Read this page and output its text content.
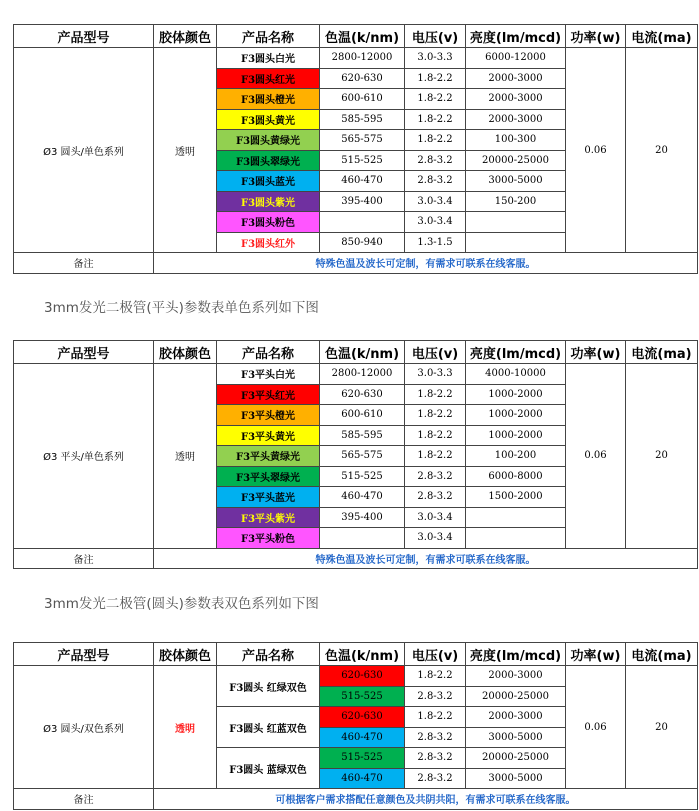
产品型号	胶体颜色	产品名称	色温(k/nm)	电压(v)	亮度(lm/mcd)	功率(w)	电流(ma)
Ø3 圆头/单色系列	透明	F3圆头白光	2800-12000	3.0-3.3	6000-12000	0.06	20
		F3圆头红光	620-630	1.8-2.2	2000-3000		
		F3圆头橙光	600-610	1.8-2.2	2000-3000		
		F3圆头黄光	585-595	1.8-2.2	2000-3000		
		F3圆头黄绿光	565-575	1.8-2.2	100-300		
		F3圆头翠绿光	515-525	2.8-3.2	20000-25000		
		F3圆头蓝光	460-470	2.8-3.2	3000-5000		
		F3圆头紫光	395-400	3.0-3.4	150-200		
		F3圆头粉色		3.0-3.4			
		F3圆头红外	850-940	1.3-1.5			
备注	特殊色温及波长可定制，有需求可联系在线客服。						
3mm发光二极管(平头)参数表单色系列如下图
产品型号	胶体颜色	产品名称	色温(k/nm)	电压(v)	亮度(lm/mcd)	功率(w)	电流(ma)
Ø3 平头/单色系列	透明	F3平头白光	2800-12000	3.0-3.3	4000-10000	0.06	20
		F3平头红光	620-630	1.8-2.2	1000-2000		
		F3平头橙光	600-610	1.8-2.2	1000-2000		
		F3平头黄光	585-595	1.8-2.2	1000-2000		
		F3平头黄绿光	565-575	1.8-2.2	100-200		
		F3平头翠绿光	515-525	2.8-3.2	6000-8000		
		F3平头蓝光	460-470	2.8-3.2	1500-2000		
		F3平头紫光	395-400	3.0-3.4			
		F3平头粉色		3.0-3.4			
备注	特殊色温及波长可定制，有需求可联系在线客服。						
3mm发光二极管(圆头)参数表双色系列如下图
产品型号	胶体颜色	产品名称	色温(k/nm)	电压(v)	亮度(lm/mcd)	功率(w)	电流(ma)
Ø3 圆头/双色系列	透明	F3圆头 红绿双色	620-630	1.8-2.2	2000-3000	0.06	20
			515-525	2.8-3.2	20000-25000		
		F3圆头 红蓝双色	620-630	1.8-2.2	2000-3000		
			460-470	2.8-3.2	3000-5000		
		F3圆头 蓝绿双色	515-525	2.8-3.2	20000-25000		
			460-470	2.8-3.2	3000-5000		
备注	可根据客户需求搭配任意颜色及共阴共阳，有需求可联系在线客服。						
